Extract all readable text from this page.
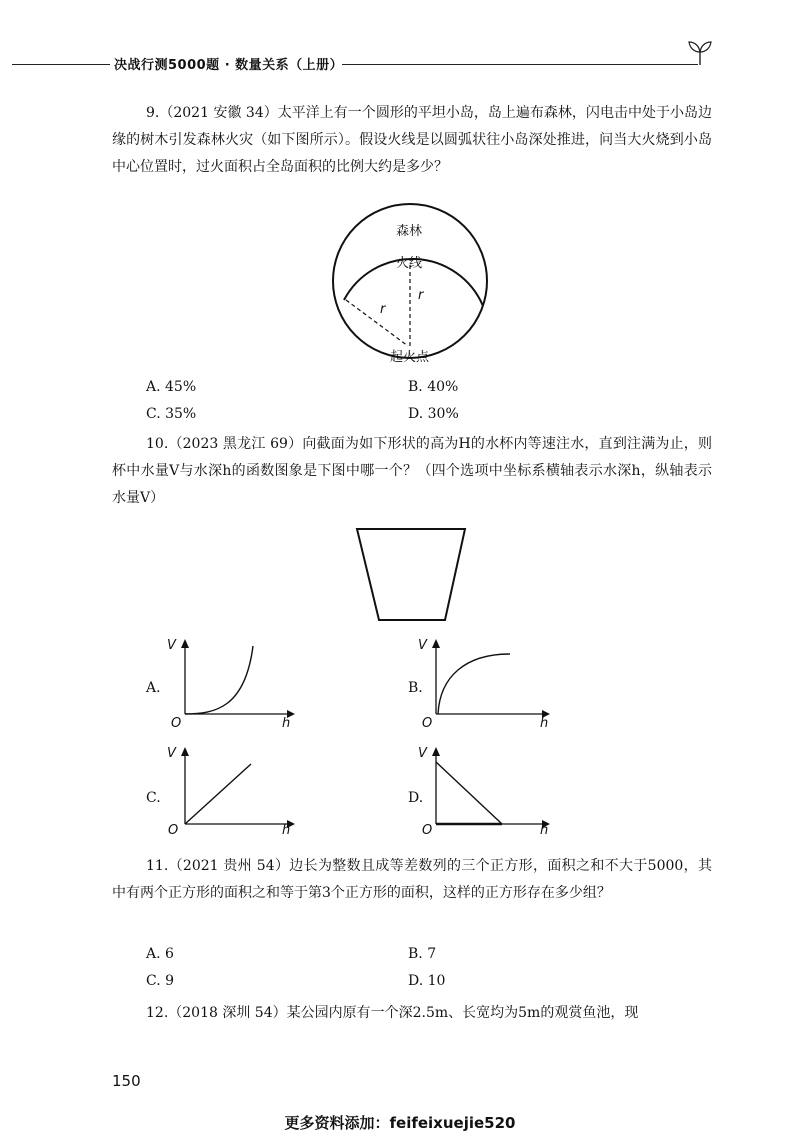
决战行测5000题 · 数量关系（上册）
9.（2021 安徽 34）太平洋上有一个圆形的平坦小岛，岛上遍布森林，闪电击中处于小岛边缘的树木引发森林火灾（如下图所示）。假设火线是以圆弧状往小岛深处推进，问当大火烧到小岛中心位置时，过火面积占全岛面积的比例大约是多少？
森林
火线
r
r
起火点
A. 45%	B. 40%
C. 35%	D. 30%
10.（2023 黑龙江 69）向截面为如下形状的高为H的水杯内等速注水，直到注满为止，则杯中水量V与水深h的函数图象是下图中哪一个？（四个选项中坐标系横轴表示水深h，纵轴表示水量V）
A.
V
O	h
B.
V
O	h
C.
V
O	h
D.
V
O	h
11.（2021 贵州 54）边长为整数且成等差数列的三个正方形，面积之和不大于5000，其中有两个正方形的面积之和等于第3个正方形的面积，这样的正方形存在多少组？
A. 6	B. 7
C. 9	D. 10
12.（2018 深圳 54）某公园内原有一个深2.5m、长宽均为5m的观赏鱼池，现
150
更多资料添加：feifeixuejie520
